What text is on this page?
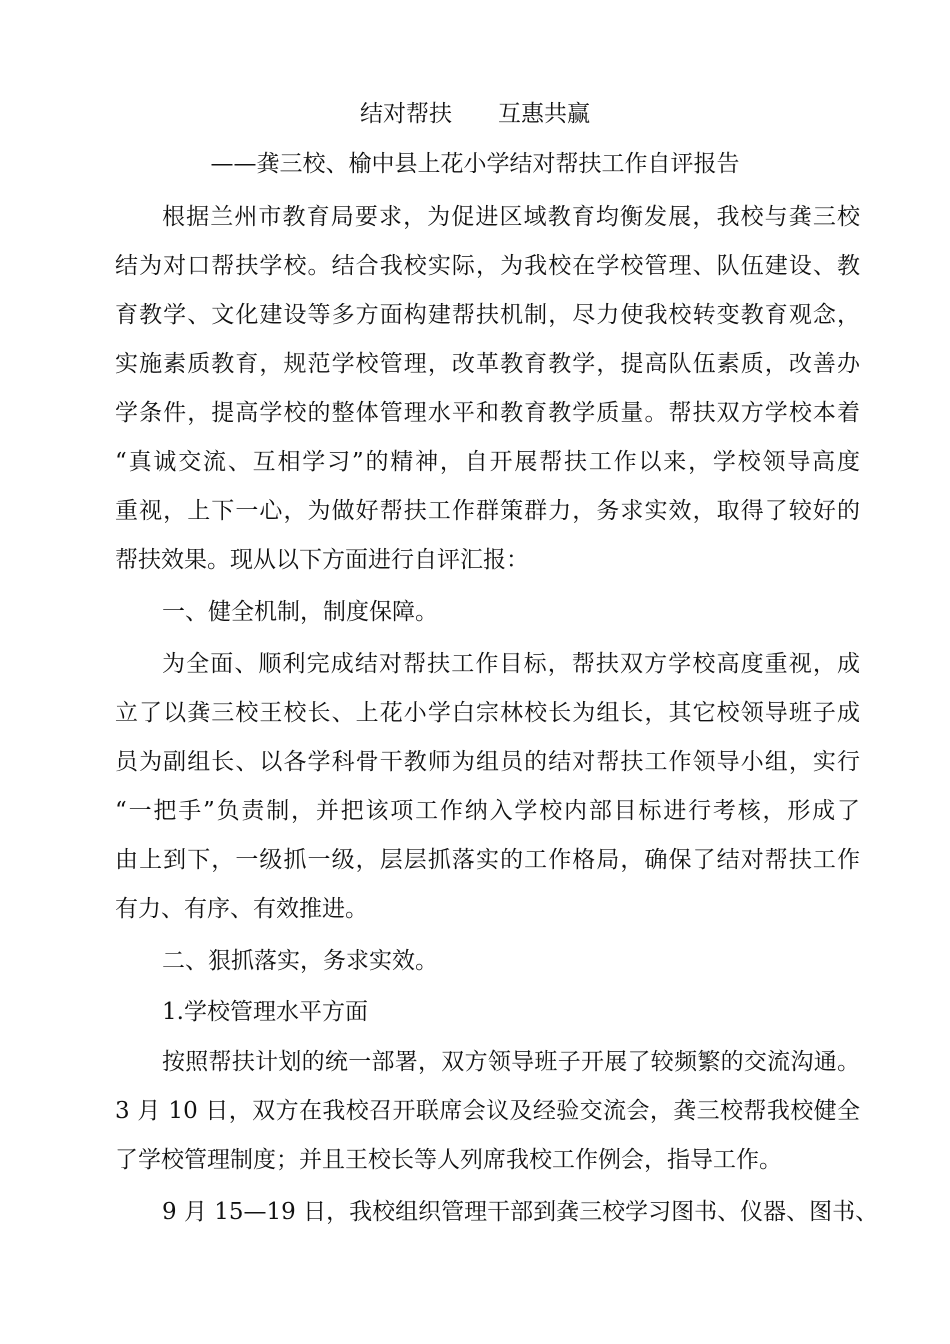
结对帮扶　　互惠共赢
——龚三校、榆中县上花小学结对帮扶工作自评报告
根据兰州市教育局要求，为促进区域教育均衡发展，我校与龚三校
结为对口帮扶学校。结合我校实际，为我校在学校管理、队伍建设、教
育教学、文化建设等多方面构建帮扶机制，尽力使我校转变教育观念，
实施素质教育，规范学校管理，改革教育教学，提高队伍素质，改善办
学条件，提高学校的整体管理水平和教育教学质量。帮扶双方学校本着
“真诚交流、互相学习”的精神，自开展帮扶工作以来，学校领导高度
重视，上下一心，为做好帮扶工作群策群力，务求实效，取得了较好的
帮扶效果。现从以下方面进行自评汇报：
一、健全机制，制度保障。
为全面、顺利完成结对帮扶工作目标，帮扶双方学校高度重视，成
立了以龚三校王校长、上花小学白宗林校长为组长，其它校领导班子成
员为副组长、以各学科骨干教师为组员的结对帮扶工作领导小组，实行
“一把手”负责制，并把该项工作纳入学校内部目标进行考核，形成了
由上到下，一级抓一级，层层抓落实的工作格局，确保了结对帮扶工作
有力、有序、有效推进。
二、狠抓落实，务求实效。
1.学校管理水平方面
按照帮扶计划的统一部署，双方领导班子开展了较频繁的交流沟通。
3 月 10 日，双方在我校召开联席会议及经验交流会，龚三校帮我校健全
了学校管理制度；并且王校长等人列席我校工作例会，指导工作。
9 月 15—19 日，我校组织管理干部到龚三校学习图书、仪器、图书、
